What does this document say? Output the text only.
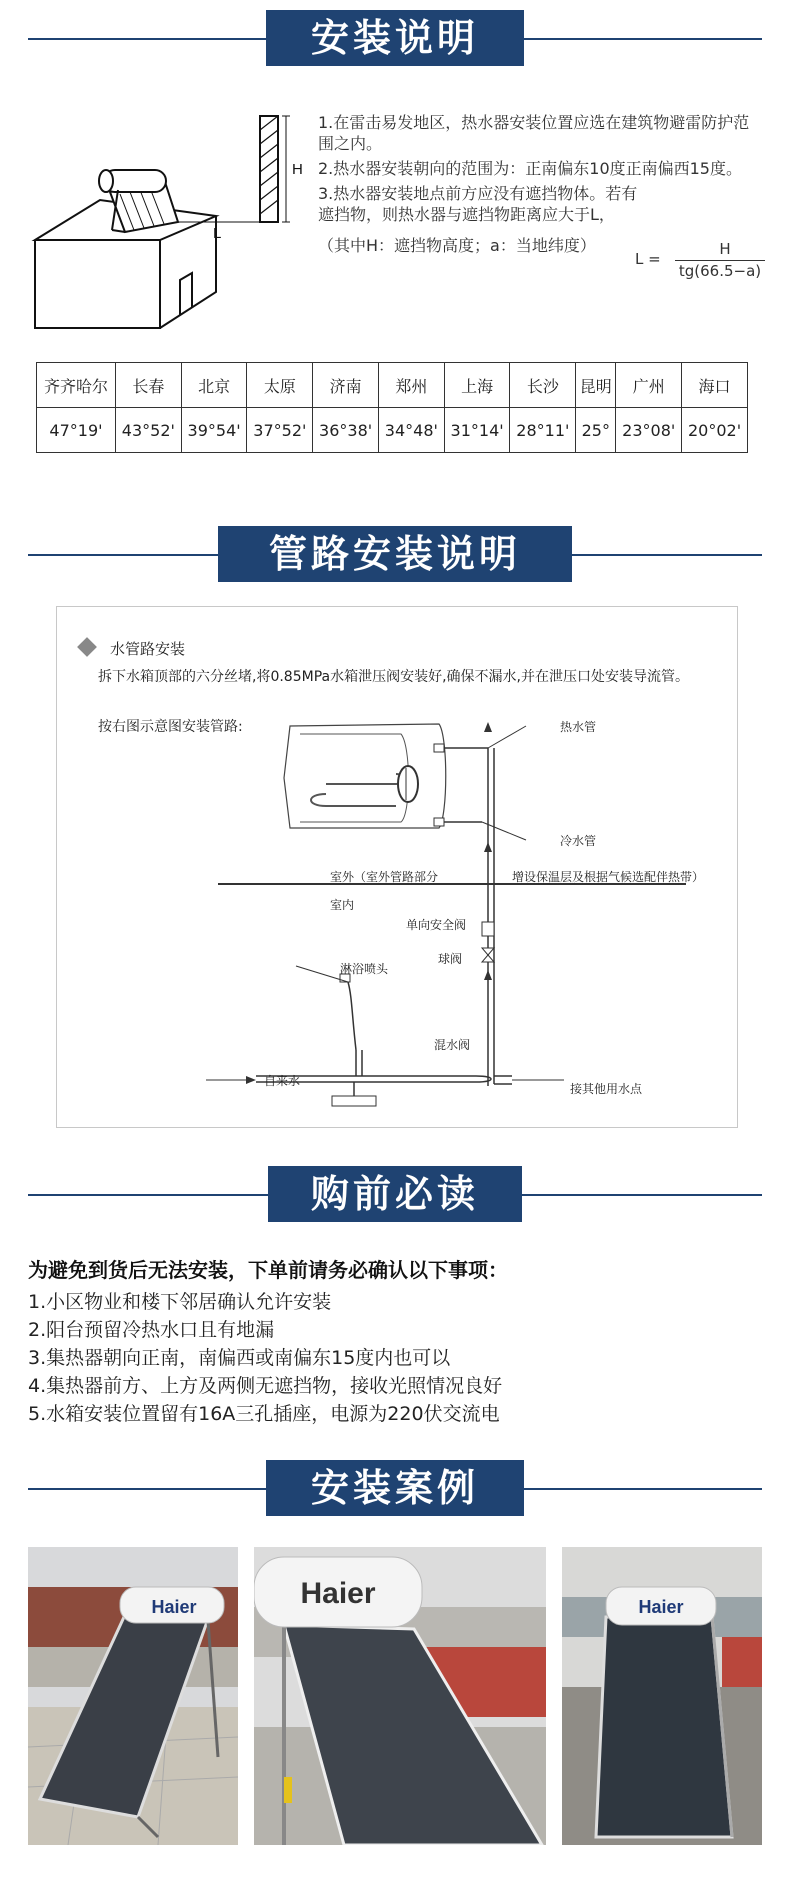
安装说明
H
L
1.在雷击易发地区，热水器安装位置应选在建筑物避雷防护范围之内。
2.热水器安装朝向的范围为：正南偏东10度正南偏西15度。
3.热水器安装地点前方应没有遮挡物体。若有遮挡物，则热水器与遮挡物距离应大于L，
（其中H：遮挡物高度；a：当地纬度）
L =
H
tg(66.5−a)
齐齐哈尔	长春	北京	太原	济南	郑州	上海	长沙	昆明	广州	海口
47°19'	43°52'	39°54'	37°52'	36°38'	34°48'	31°14'	28°11'	25°	23°08'	20°02'
管路安装说明
水管路安装
拆下水箱顶部的六分丝堵,将0.85MPa水箱泄压阀安装好,确保不漏水,并在泄压口处安装导流管。
按右图示意图安装管路:	热水管
冷水管
室外（室外管路部分	增设保温层及根据气候选配伴热带）
室内
单向安全阀
球阀
淋浴喷头
混水阀
自来水
接其他用水点
购前必读
为避免到货后无法安装，下单前请务必确认以下事项：
1.小区物业和楼下邻居确认允许安装
2.阳台预留冷热水口且有地漏
3.集热器朝向正南，南偏西或南偏东15度内也可以
4.集热器前方、上方及两侧无遮挡物，接收光照情况良好
5.水箱安装位置留有16A三孔插座，电源为220伏交流电
安装案例
Haier	Haier	Haier
